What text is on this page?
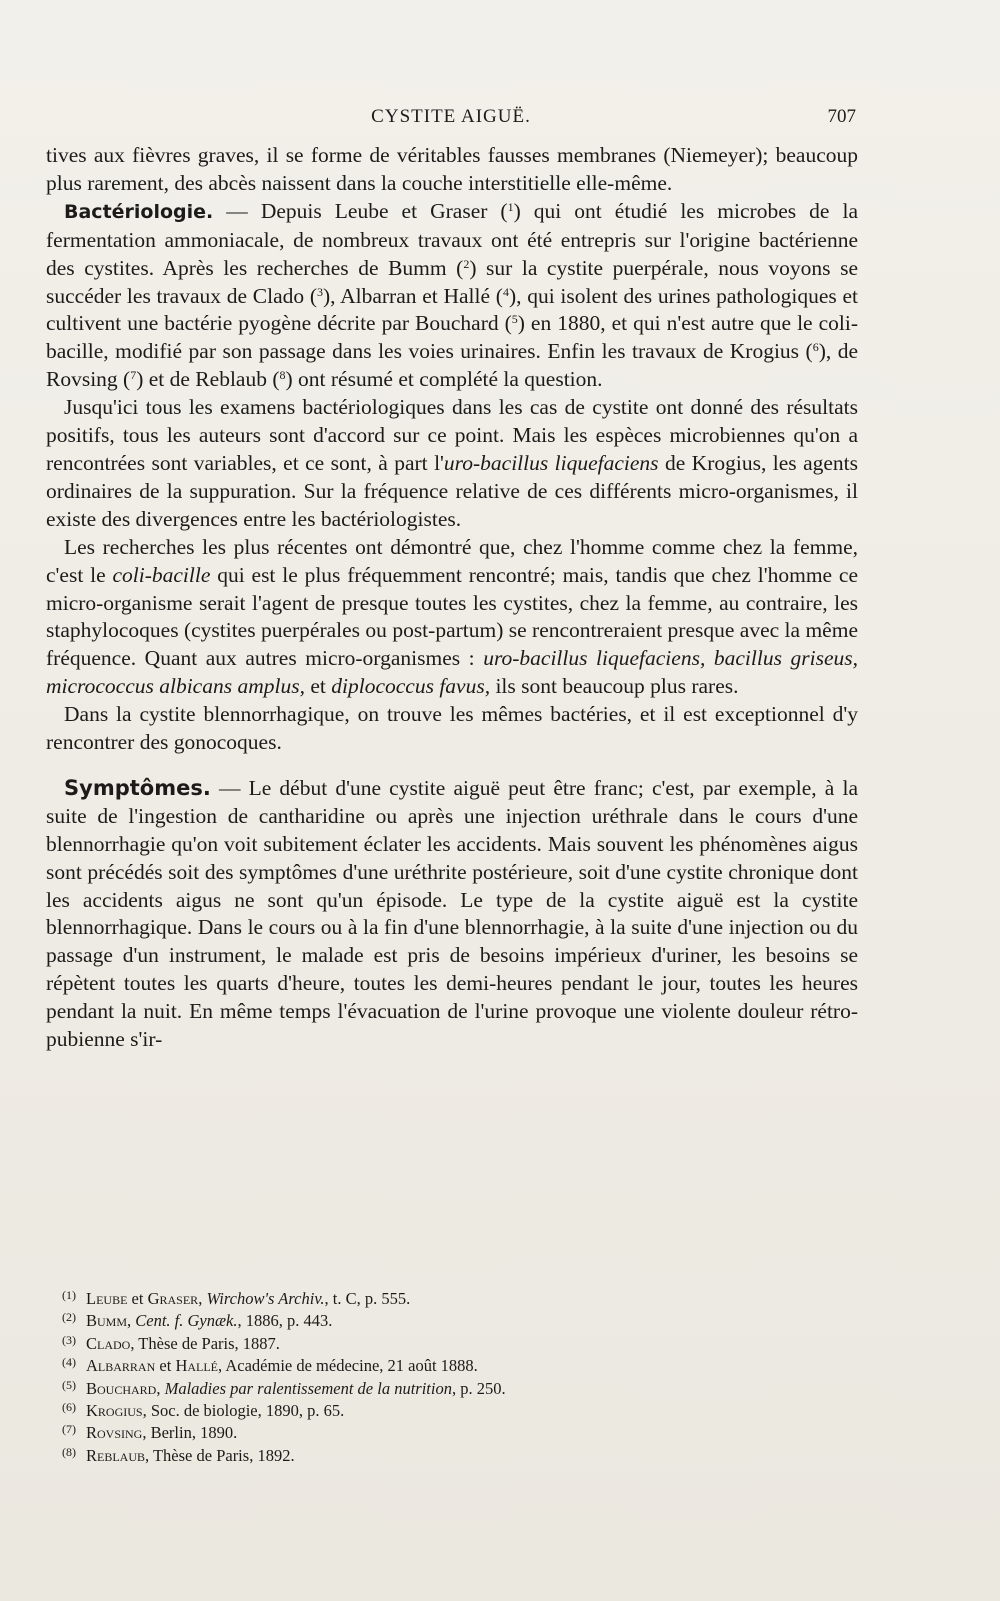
CYSTITE AIGUË.	707

tives aux fièvres graves, il se forme de véritables fausses membranes (Niemeyer); beaucoup plus rarement, des abcès naissent dans la couche interstitielle elle-même.

Bactériologie. — Depuis Leube et Graser ($^1$) qui ont étudié les microbes de la fermentation ammoniacale, de nombreux travaux ont été entrepris sur l'origine bactérienne des cystites. Après les recherches de Bumm ($^2$) sur la cystite puerpérale, nous voyons se succéder les travaux de Clado ($^3$), Albarran et Hallé ($^4$), qui isolent des urines pathologiques et cultivent une bactérie pyogène décrite par Bouchard ($^5$) en 1880, et qui n'est autre que le coli-bacille, modifié par son passage dans les voies urinaires. Enfin les travaux de Krogius ($^6$), de Rovsing ($^7$) et de Reblaub ($^8$) ont résumé et complété la question.

Jusqu'ici tous les examens bactériologiques dans les cas de cystite ont donné des résultats positifs, tous les auteurs sont d'accord sur ce point. Mais les espèces microbiennes qu'on a rencontrées sont variables, et ce sont, à part l'uro-bacillus liquefaciens de Krogius, les agents ordinaires de la suppuration. Sur la fréquence relative de ces différents micro-organismes, il existe des divergences entre les bactériologistes.

Les recherches les plus récentes ont démontré que, chez l'homme comme chez la femme, c'est le coli-bacille qui est le plus fréquemment rencontré; mais, tandis que chez l'homme ce micro-organisme serait l'agent de presque toutes les cystites, chez la femme, au contraire, les staphylocoques (cystites puerpérales ou post-partum) se rencontreraient presque avec la même fréquence. Quant aux autres micro-organismes : uro-bacillus liquefaciens, bacillus griseus, micrococcus albicans amplus, et diplococcus favus, ils sont beaucoup plus rares.

Dans la cystite blennorrhagique, on trouve les mêmes bactéries, et il est exceptionnel d'y rencontrer des gonocoques.

Symptômes. — Le début d'une cystite aiguë peut être franc; c'est, par exemple, à la suite de l'ingestion de cantharidine ou après une injection uréthrale dans le cours d'une blennorrhagie qu'on voit subitement éclater les accidents. Mais souvent les phénomènes aigus sont précédés soit des symptômes d'une uréthrite postérieure, soit d'une cystite chronique dont les accidents aigus ne sont qu'un épisode. Le type de la cystite aiguë est la cystite blennorrhagique. Dans le cours ou à la fin d'une blennorrhagie, à la suite d'une injection ou du passage d'un instrument, le malade est pris de besoins impérieux d'uriner, les besoins se répètent toutes les quarts d'heure, toutes les demi-heures pendant le jour, toutes les heures pendant la nuit. En même temps l'évacuation de l'urine provoque une violente douleur rétro-pubienne s'ir-

(1) Leube et Graser, Wirchow's Archiv., t. C, p. 555.
(2) Bumm, Cent. f. Gynæk., 1886, p. 443.
(3) Clado, Thèse de Paris, 1887.
(4) Albarran et Hallé, Académie de médecine, 21 août 1888.
(5) Bouchard, Maladies par ralentissement de la nutrition, p. 250.
(6) Krogius, Soc. de biologie, 1890, p. 65.
(7) Rovsing, Berlin, 1890.
(8) Reblaub, Thèse de Paris, 1892.
